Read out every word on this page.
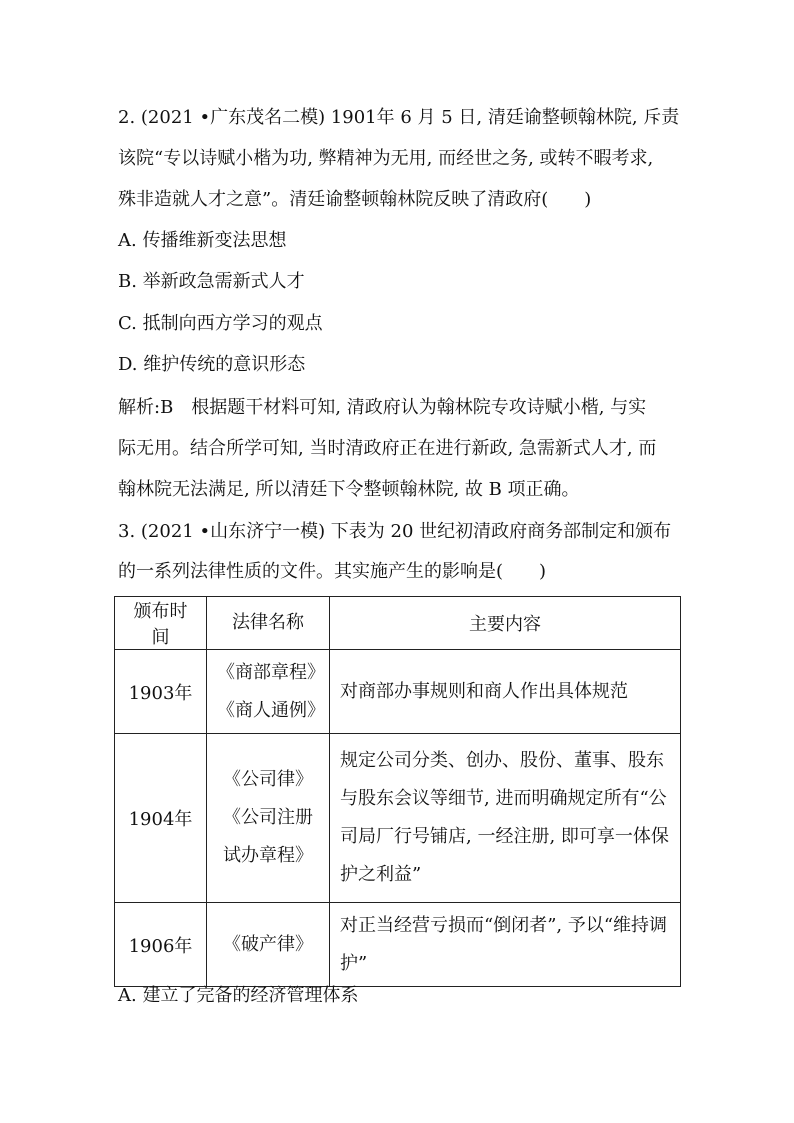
2. (2021 •广东茂名二模) 1901年 6 月 5 日, 清廷谕整顿翰林院, 斥责
该院“专以诗赋小楷为功, 弊精神为无用, 而经世之务, 或转不暇考求,
殊非造就人才之意”。清廷谕整顿翰林院反映了清政府(　　)
A. 传播维新变法思想
B. 举新政急需新式人才
C. 抵制向西方学习的观点
D. 维护传统的意识形态
解析:B　根据题干材料可知, 清政府认为翰林院专攻诗赋小楷, 与实
际无用。结合所学可知, 当时清政府正在进行新政, 急需新式人才, 而
翰林院无法满足, 所以清廷下令整顿翰林院, 故 B 项正确。
3. (2021 •山东济宁一模) 下表为 20 世纪初清政府商务部制定和颁布
的一系列法律性质的文件。其实施产生的影响是(　　)
颁布时间	法律名称	主要内容
1903年	《商部章程》
《商人通例》	对商部办事规则和商人作出具体规范
1904年	《公司律》
《公司注册
试办章程》	规定公司分类、创办、股份、董事、股东与股东会议等细节, 进而明确规定所有“公司局厂行号铺店, 一经注册, 即可享一体保护之利益”
1906年	《破产律》	对正当经营亏损而“倒闭者”, 予以“维持调护”
A. 建立了完备的经济管理体系
